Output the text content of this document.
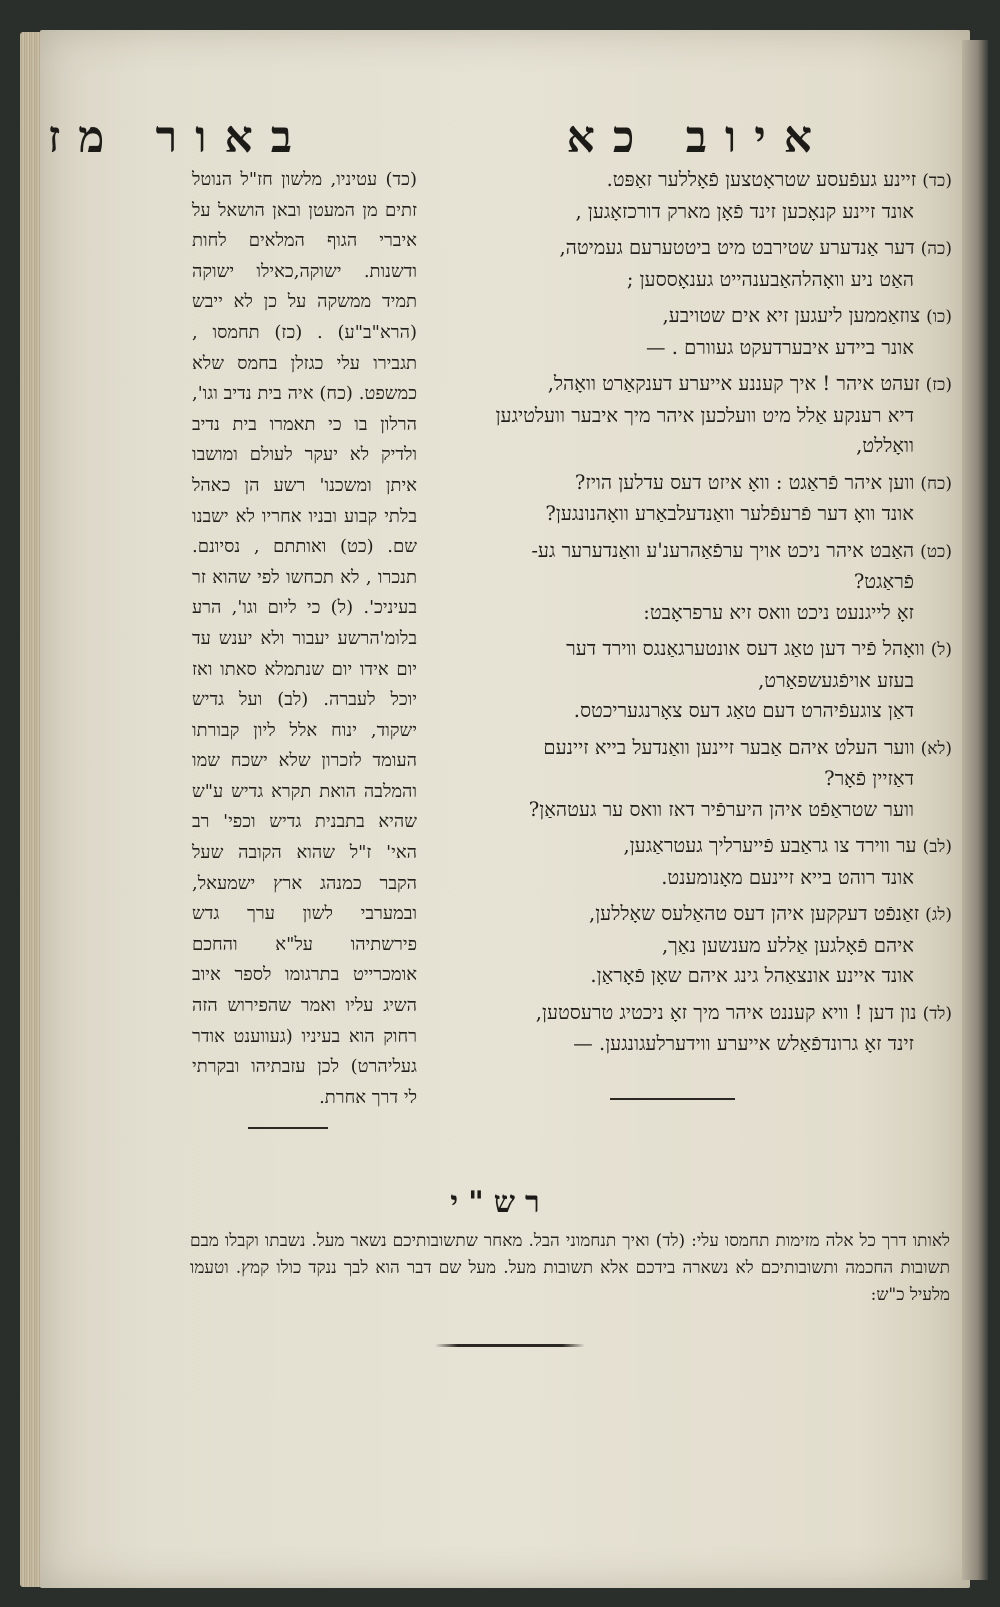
איוב כא
באור מז
(כד)זיינע געפֿעסע שטראָטצען פֿאָללער זאַפּט.
אונד זיינע קנאָכען זינד פֿאָן מארק דורכזאָגען ,
(כה)דער אַנדערע שטירבט מיט ביטטערעם געמיטה,
האַט ניע וואָהלהאַבענהייט גענאָססען ;
(כו)צוזאַממען ליעגען זיא אים שטויבע,
אונר ביידע איבערדעקט געוורם . —
(כז)זעהט איהר ! איך קעננע אייערע דענקאַרט וואָהל,
דיא רענקע אַלל מיט וועלכען איהר מיך איבער וועלטיגען
וואָללט,
(כח)ווען איהר פֿראַגט : וואָ איזט דעס עדלען הויז?
אונד וואָ דער פֿרעפֿלער וואַנדעלבאַרע וואָהנונגען?
(כט)האַבט איהר ניכט אויך ערפֿאַהרענ'ע וואַנדערער גע-
פֿראַגט?
זאָ לייגנעט ניכט וואס זיא ערפראָבט:
(ל)וואָהל פֿיר דען טאַג דעס אונטערגאַנגס ווירד דער
בעזע אויפֿגעשפאַרט,
דאַן צוגעפֿיהרט דעם טאַג דעס צאָרנגעריכטס.
(לא)ווער העלט איהם אַבער זיינען וואַנדעל בייא זיינעם
דאַזיין פֿאָר?
ווער שטראַפֿט איהן היערפֿיר דאז וואס ער געטהאַן?
(לב)ער ווירד צו גראַבע פֿייערליך געטראַגען,
אונד רוהט בייא זיינעם מאָנומענט.
(לג)זאַנפֿט דעקקען איהן דעס טהאַלעס שאָללען,
איהם פֿאָלגען אַללע מענשען נאַך,
אונד איינע אונצאַהל גינג איהם שאָן פֿאָראַן.
(לד)נון דען ! וויא קעננט איהר מיך זאָ ניכטיג טרעסטען,
זינד זאָ גרונדפֿאַלש אייערע ווידערלעגונגען. —
(כד) עטיניו, מלשון חז"ל הנוטל זתים מן המעטן ובאן הושאל על איברי הגוף המלאים לחות ודשנות. ישוקה,כאילו ישוקה תמיד ממשקה על כן לא ייבש (הרא"ב"ע) . (כז) תחמסו , תגבירו עלי כגזלן בחמס שלא כמשפט. (כח) איה בית נדיב וגו', הרלון בו כי תאמרו בית נדיב ולדיק לא יעקר לעולם ומושבו איתן ומשכנו' רשע הן כאהל בלתי קבוע ובניו אחריו לא ישבנו שם. (כט) ואותתם , נסיונם. תנכרו , לא תכחשו לפי שהוא זר בעיניכ'. (ל) כי ליום וגו', הרע בלומ'הרשע יעבור ולא יענש עד יום אידו יום שנתמלא סאתו ואז יוכל לעברה. (לב) ועל גדיש ישקוד, ינוח אלל ליון קבורתו העומד לזכרון שלא ישכח שמו והמלבה הואת תקרא גדיש ע"ש שהיא בתבנית גדיש וכפי' רב האי' ז"ל שהוא הקובה שעל הקבר כמנהג ארץ ישמעאל, ובמערבי לשון ערך גדש פירשתיהו על"א והחכם אומכרייט בתרגומו לספר איוב השיג עליו ואמר שהפירוש הזה רחוק הוא בעיניו (געווענט אודר געליהרט) לכן עזבתיהו ובקרתי לי דרך אחרת.
רש"י
לאותו דרך כל אלה מזימות תחמסו עלי: (לד) ואיך תנחמוני הבל. מאחר שתשובותיכם נשאר מעל. נשבתו וקבלו מבם תשובות החכמה ותשובותיכם לא נשארה בידכם אלא תשובות מעל. מעל שם דבר הוא לבך ננקד כולו קמץ. וטעמו מלעיל כ"ש:
